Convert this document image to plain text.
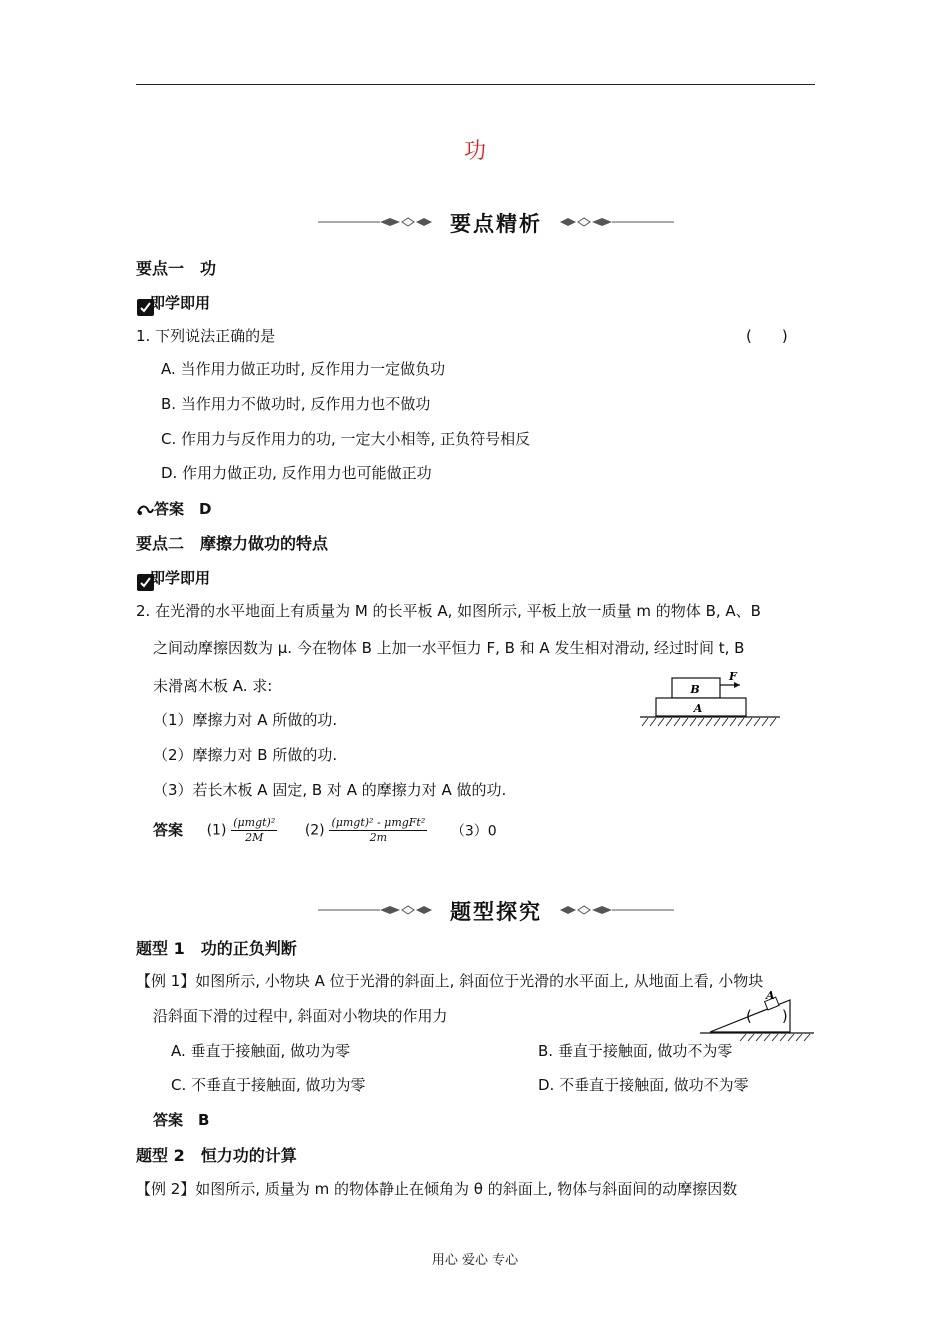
功
要点精析
要点一　功
即学即用
1. 下列说法正确的是	(　　)
A. 当作用力做正功时, 反作用力一定做负功
B. 当作用力不做功时, 反作用力也不做功
C. 作用力与反作用力的功, 一定大小相等, 正负符号相反
D. 作用力做正功, 反作用力也可能做正功
答案　D
要点二　摩擦力做功的特点
即学即用
2. 在光滑的水平地面上有质量为 M 的长平板 A, 如图所示, 平板上放一质量 m 的物体 B, A、B
之间动摩擦因数为 μ. 今在物体 B 上加一水平恒力 F, B 和 A 发生相对滑动, 经过时间 t, B
未滑离木板 A. 求:
（1）摩擦力对 A 所做的功.
（2）摩擦力对 B 所做的功.
（3）若长木板 A 固定, B 对 A 的摩擦力对 A 做的功.
B
A
F
答案 $(1) \frac{\text{(μmgt)²}}{2M} (2) \frac{\text{(μmgt)² - μmgFt²}}{2m} (3)0$
题型探究
题型 1　功的正负判断
【例 1】如图所示, 小物块 A 位于光滑的斜面上, 斜面位于光滑的水平面上, 从地面上看, 小物块
沿斜面下滑的过程中, 斜面对小物块的作用力
A
(　　)
A. 垂直于接触面, 做功为零	B. 垂直于接触面, 做功不为零
C. 不垂直于接触面, 做功为零	D. 不垂直于接触面, 做功不为零
答案　B
题型 2　恒力功的计算
【例 2】如图所示, 质量为 m 的物体静止在倾角为 θ 的斜面上, 物体与斜面间的动摩擦因数
用心 爱心 专心
